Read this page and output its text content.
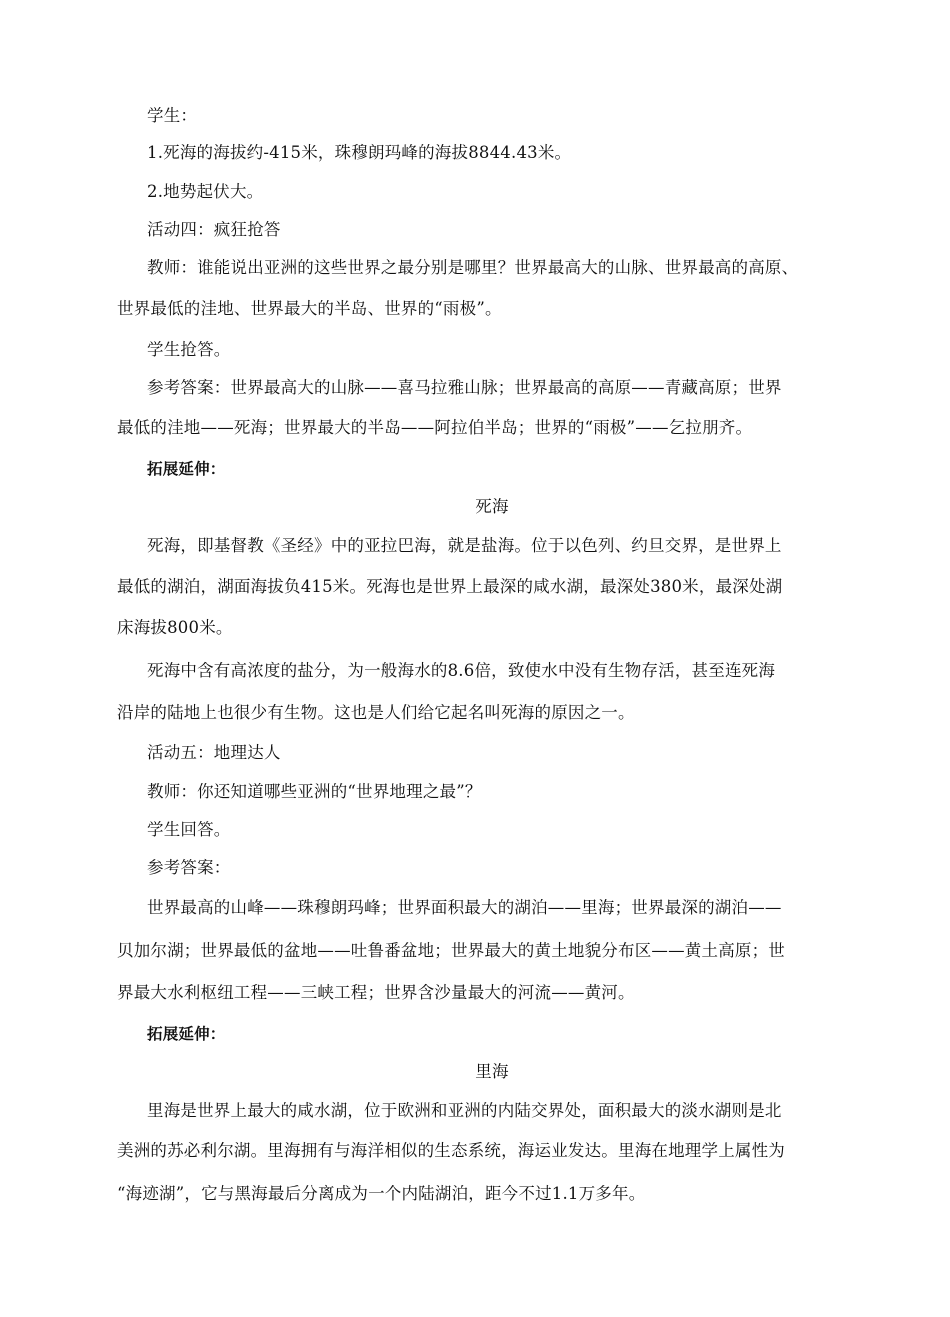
学生：
1.死海的海拔约-415米，珠穆朗玛峰的海拔8844.43米。
2.地势起伏大。
活动四：疯狂抢答
教师：谁能说出亚洲的这些世界之最分别是哪里？世界最高大的山脉、世界最高的高原、
世界最低的洼地、世界最大的半岛、世界的“雨极”。
学生抢答。
参考答案：世界最高大的山脉——喜马拉雅山脉；世界最高的高原——青藏高原；世界
最低的洼地——死海；世界最大的半岛——阿拉伯半岛；世界的“雨极”——乞拉朋齐。
拓展延伸：
死海
死海，即基督教《圣经》中的亚拉巴海，就是盐海。位于以色列、约旦交界，是世界上
最低的湖泊，湖面海拔负415米。死海也是世界上最深的咸水湖，最深处380米，最深处湖
床海拔800米。
死海中含有高浓度的盐分，为一般海水的8.6倍，致使水中没有生物存活，甚至连死海
沿岸的陆地上也很少有生物。这也是人们给它起名叫死海的原因之一。
活动五：地理达人
教师：你还知道哪些亚洲的“世界地理之最”？
学生回答。
参考答案：
世界最高的山峰——珠穆朗玛峰；世界面积最大的湖泊——里海；世界最深的湖泊——
贝加尔湖；世界最低的盆地——吐鲁番盆地；世界最大的黄土地貌分布区——黄土高原；世
界最大水利枢纽工程——三峡工程；世界含沙量最大的河流——黄河。
拓展延伸：
里海
里海是世界上最大的咸水湖，位于欧洲和亚洲的内陆交界处，面积最大的淡水湖则是北
美洲的苏必利尔湖。里海拥有与海洋相似的生态系统，海运业发达。里海在地理学上属性为
“海迹湖”，它与黑海最后分离成为一个内陆湖泊，距今不过1.1万多年。
